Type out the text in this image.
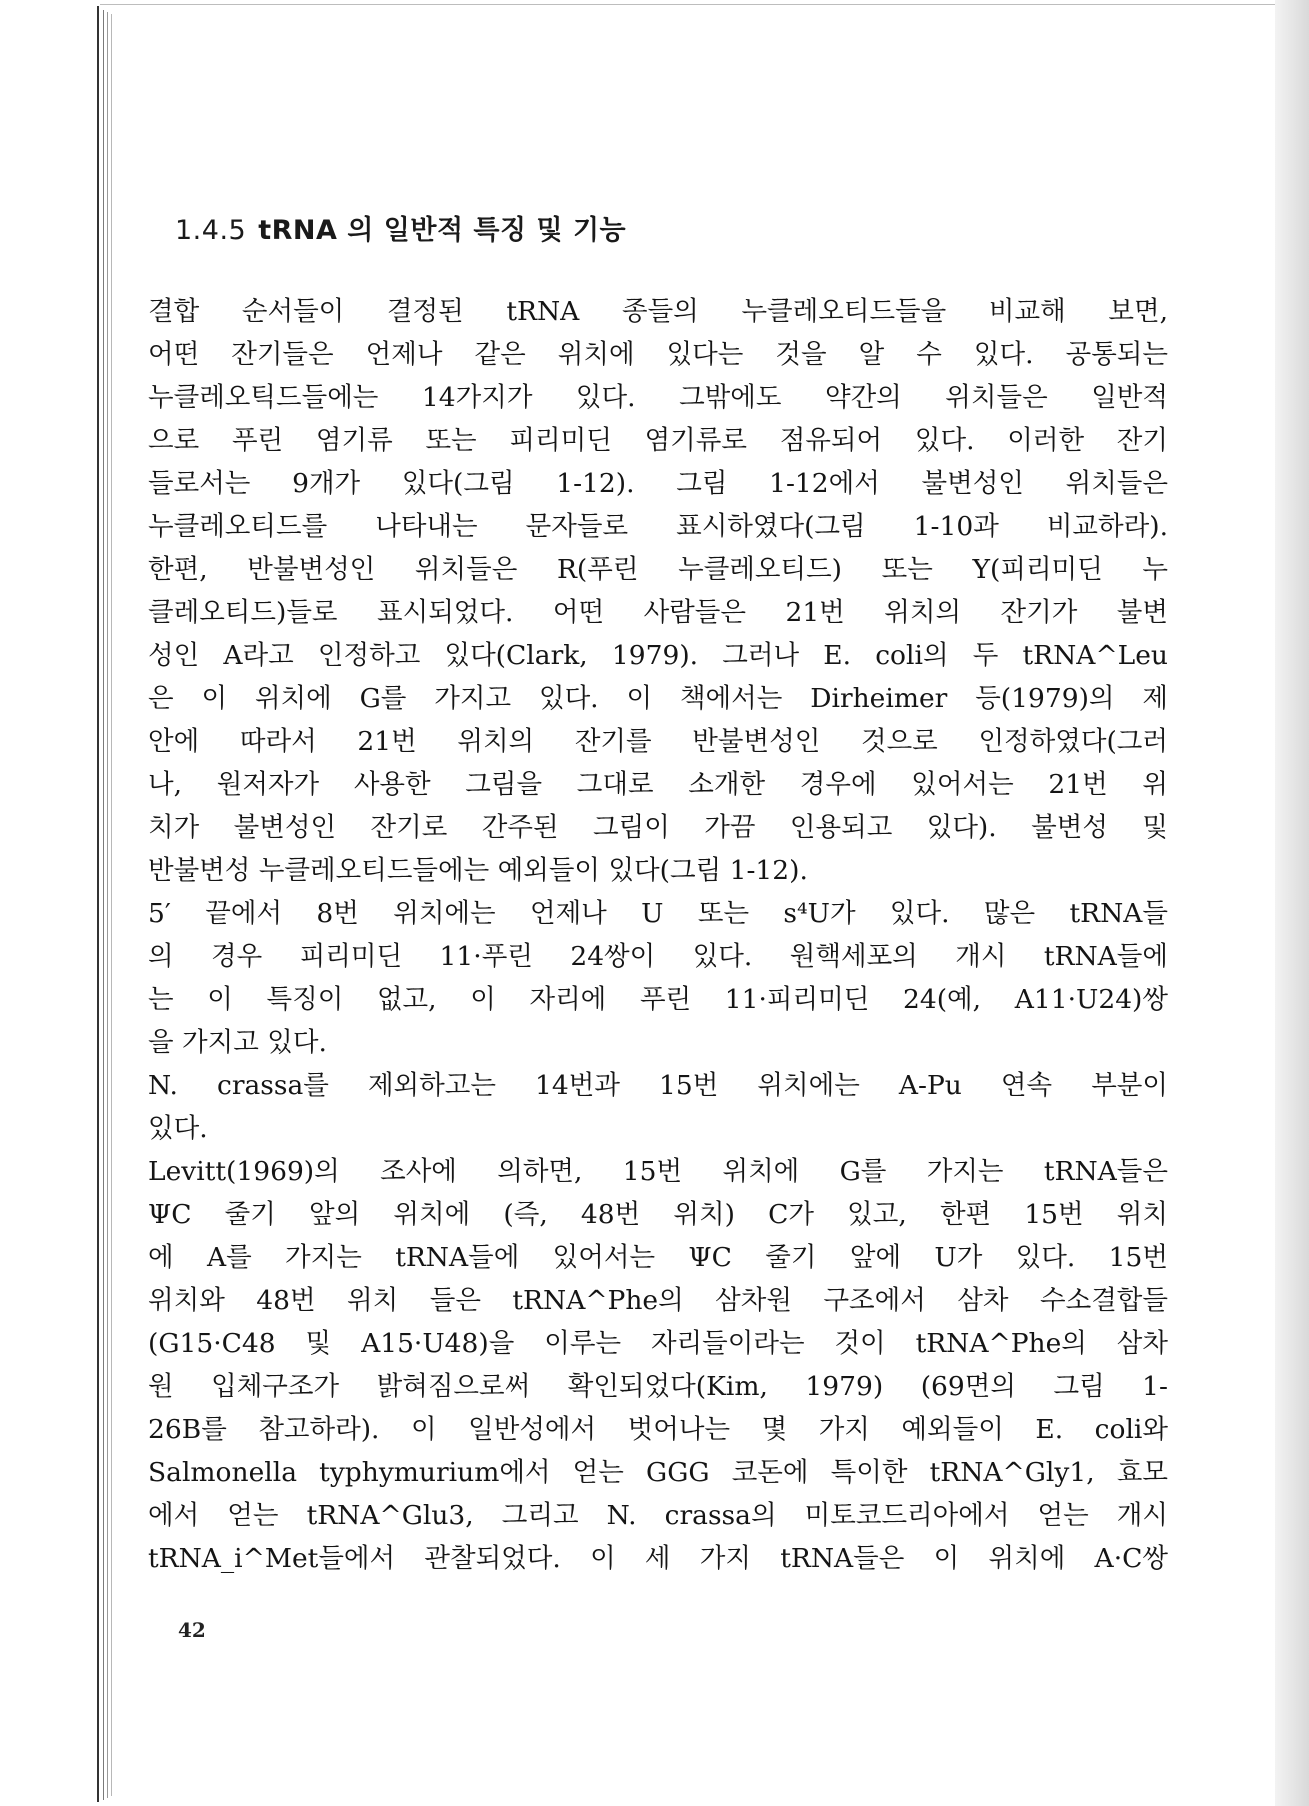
1.4.5 tRNA 의 일반적 특징 및 기능
결합 순서들이 결정된 tRNA 종들의 누클레오티드들을 비교해 보면,
어떤 잔기들은 언제나 같은 위치에 있다는 것을 알 수 있다. 공통되는
누클레오틱드들에는 14가지가 있다. 그밖에도 약간의 위치들은 일반적
으로 푸린 염기류 또는 피리미딘 염기류로 점유되어 있다. 이러한 잔기
들로서는 9개가 있다(그림 1-12). 그림 1-12에서 불변성인 위치들은
누클레오티드를 나타내는 문자들로 표시하였다(그림 1-10과 비교하라).
한편, 반불변성인 위치들은 R(푸린 누클레오티드) 또는 Y(피리미딘 누
클레오티드)들로 표시되었다. 어떤 사람들은 21번 위치의 잔기가 불변
성인 A라고 인정하고 있다(Clark, 1979). 그러나 E. coli의 두 tRNA^Leu
은 이 위치에 G를 가지고 있다. 이 책에서는 Dirheimer 등(1979)의 제
안에 따라서 21번 위치의 잔기를 반불변성인 것으로 인정하였다(그러
나, 원저자가 사용한 그림을 그대로 소개한 경우에 있어서는 21번 위
치가 불변성인 잔기로 간주된 그림이 가끔 인용되고 있다). 불변성 및
반불변성 누클레오티드들에는 예외들이 있다(그림 1-12).
5′ 끝에서 8번 위치에는 언제나 U 또는 s⁴U가 있다. 많은 tRNA들
의 경우 피리미딘 11·푸린 24쌍이 있다. 원핵세포의 개시 tRNA들에
는 이 특징이 없고, 이 자리에 푸린 11·피리미딘 24(예, A11·U24)쌍
을 가지고 있다.
N. crassa를 제외하고는 14번과 15번 위치에는 A-Pu 연속 부분이
있다.
Levitt(1969)의 조사에 의하면, 15번 위치에 G를 가지는 tRNA들은
ΨC 줄기 앞의 위치에 (즉, 48번 위치) C가 있고, 한편 15번 위치
에 A를 가지는 tRNA들에 있어서는 ΨC 줄기 앞에 U가 있다. 15번
위치와 48번 위치 들은 tRNA^Phe의 삼차원 구조에서 삼차 수소결합들
(G15·C48 및 A15·U48)을 이루는 자리들이라는 것이 tRNA^Phe의 삼차
원 입체구조가 밝혀짐으로써 확인되었다(Kim, 1979) (69면의 그림 1-
26B를 참고하라). 이 일반성에서 벗어나는 몇 가지 예외들이 E. coli와
Salmonella typhymurium에서 얻는 GGG 코돈에 특이한 tRNA^Gly1, 효모
에서 얻는 tRNA^Glu3, 그리고 N. crassa의 미토코드리아에서 얻는 개시
tRNA_i^Met들에서 관찰되었다. 이 세 가지 tRNA들은 이 위치에 A·C쌍
42
